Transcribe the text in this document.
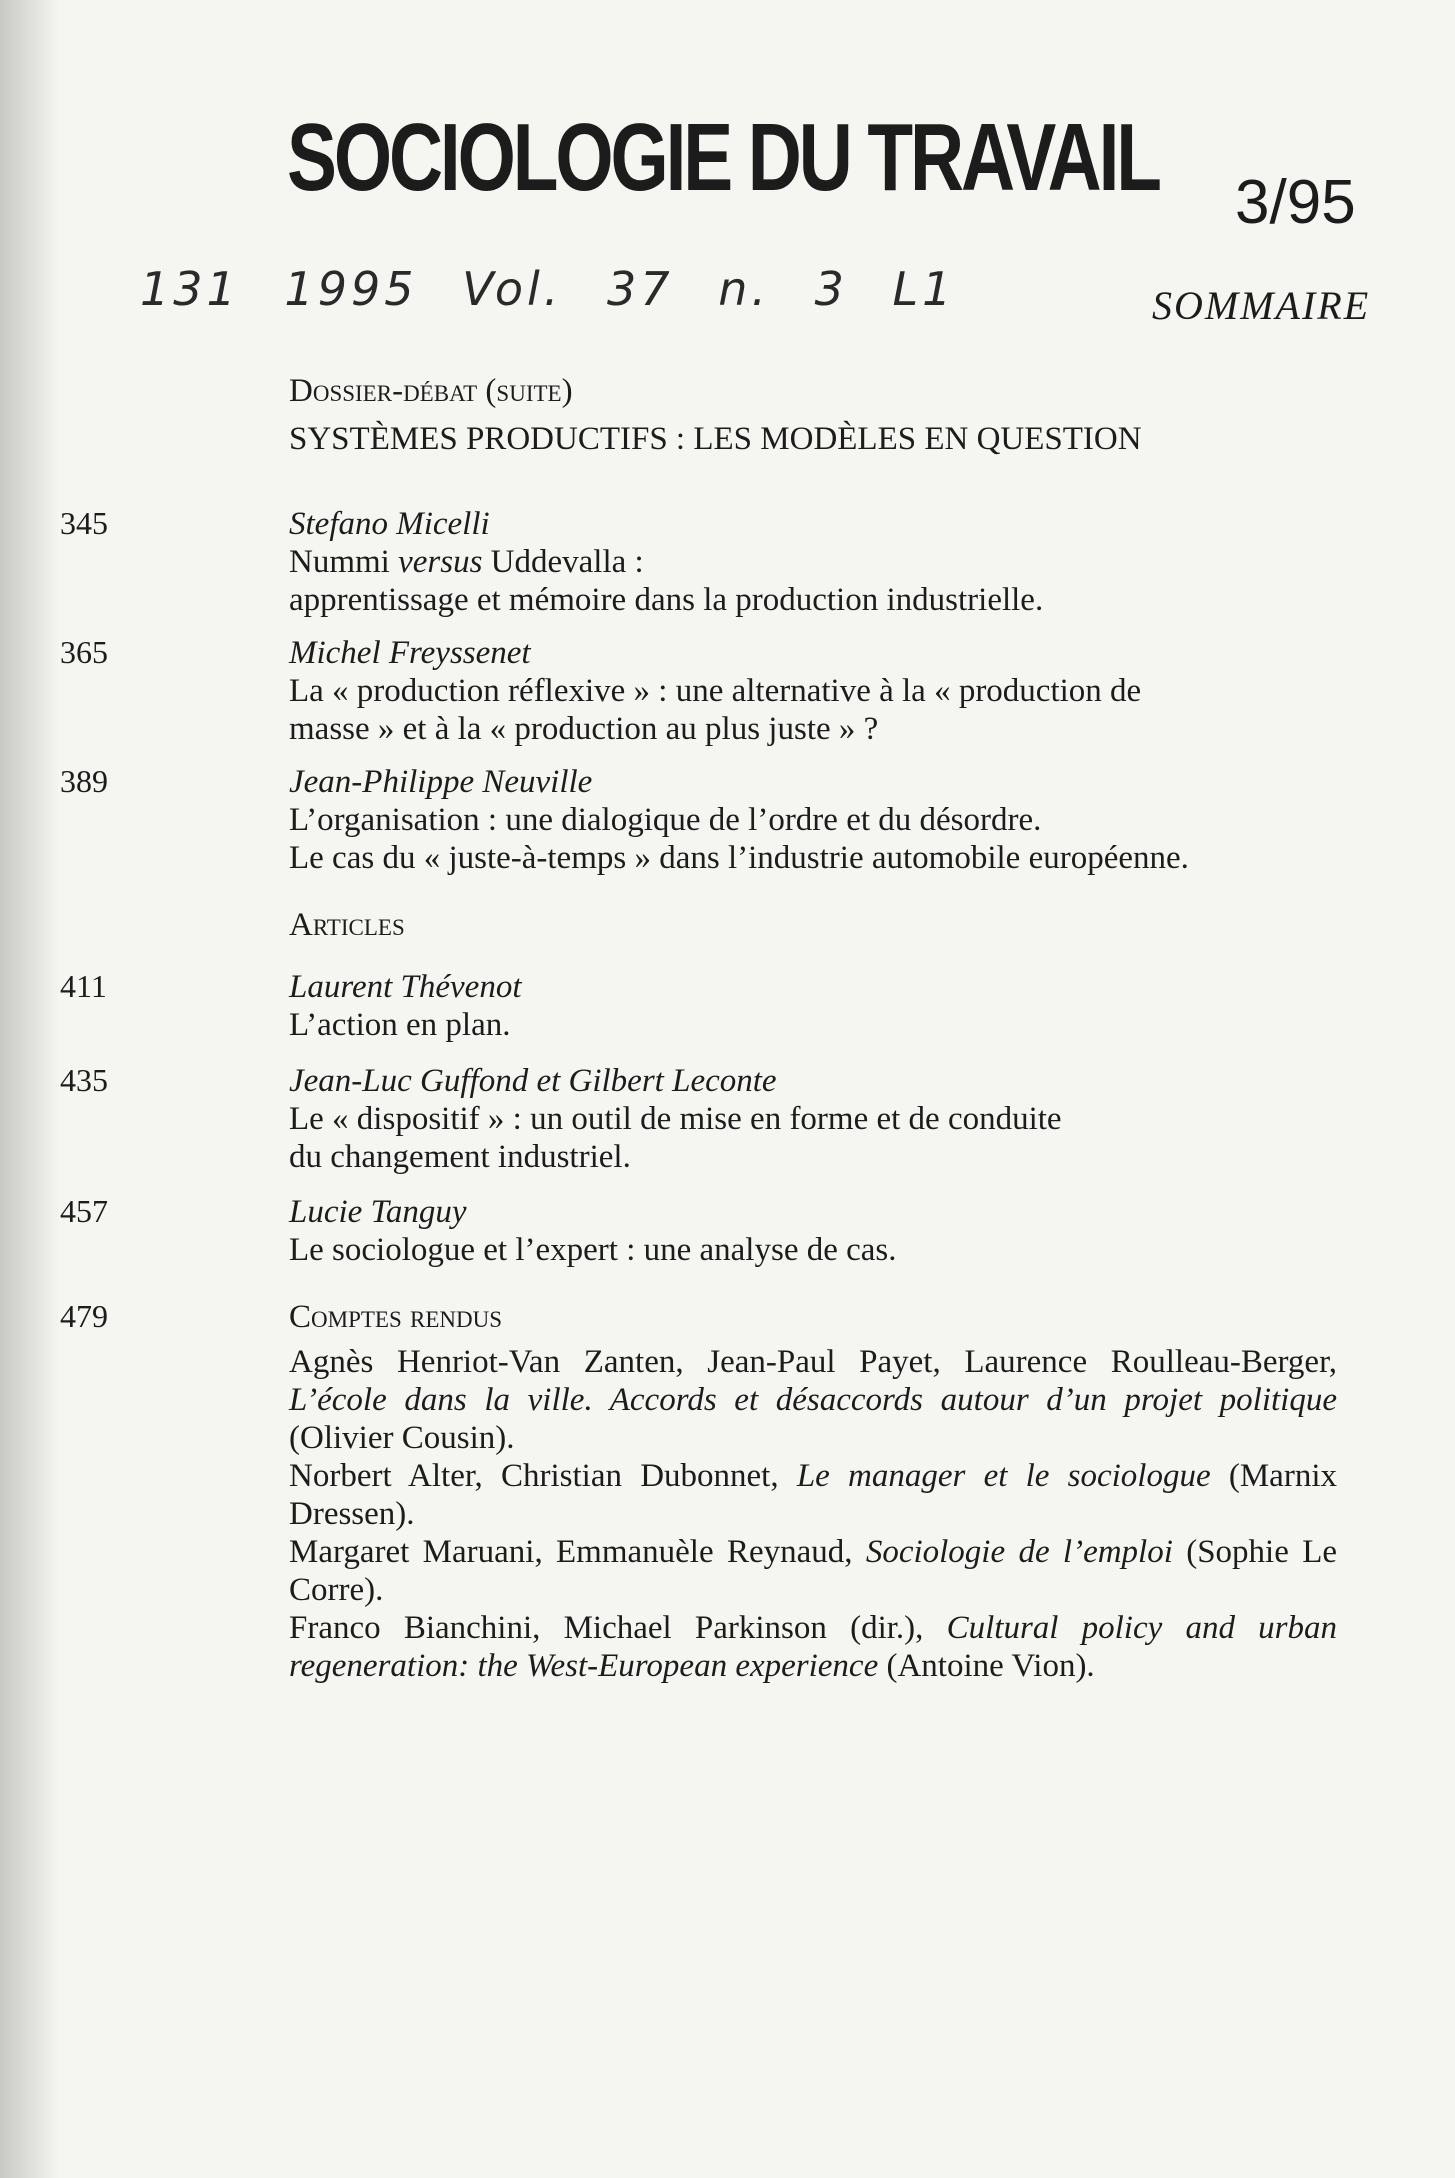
SOCIOLOGIE DU TRAVAIL 3/95
131 1995 Vol. 37 n. 3 L1	SOMMAIRE
Dossier-débat (suite)
SYSTÈMES PRODUCTIFS : LES MODÈLES EN QUESTION
345	Stefano Micelli
Nummi versus Uddevalla :
apprentissage et mémoire dans la production industrielle.
365	Michel Freyssenet
La « production réflexive » : une alternative à la « production de
masse » et à la « production au plus juste » ?
389	Jean-Philippe Neuville
L’organisation : une dialogique de l’ordre et du désordre.
Le cas du « juste-à-temps » dans l’industrie automobile européenne.
Articles
411	Laurent Thévenot
L’action en plan.
435	Jean-Luc Guffond et Gilbert Leconte
Le « dispositif » : un outil de mise en forme et de conduite
du changement industriel.
457	Lucie Tanguy
Le sociologue et l’expert : une analyse de cas.
479	Comptes rendus
Agnès Henriot-Van Zanten, Jean-Paul Payet, Laurence Roulleau-Berger, L’école dans la ville. Accords et désaccords autour d’un projet politique (Olivier Cousin).
Norbert Alter, Christian Dubonnet, Le manager et le sociologue (Marnix Dressen).
Margaret Maruani, Emmanuèle Reynaud, Sociologie de l’emploi (Sophie Le Corre).
Franco Bianchini, Michael Parkinson (dir.), Cultural policy and urban regeneration: the West-European experience (Antoine Vion).
